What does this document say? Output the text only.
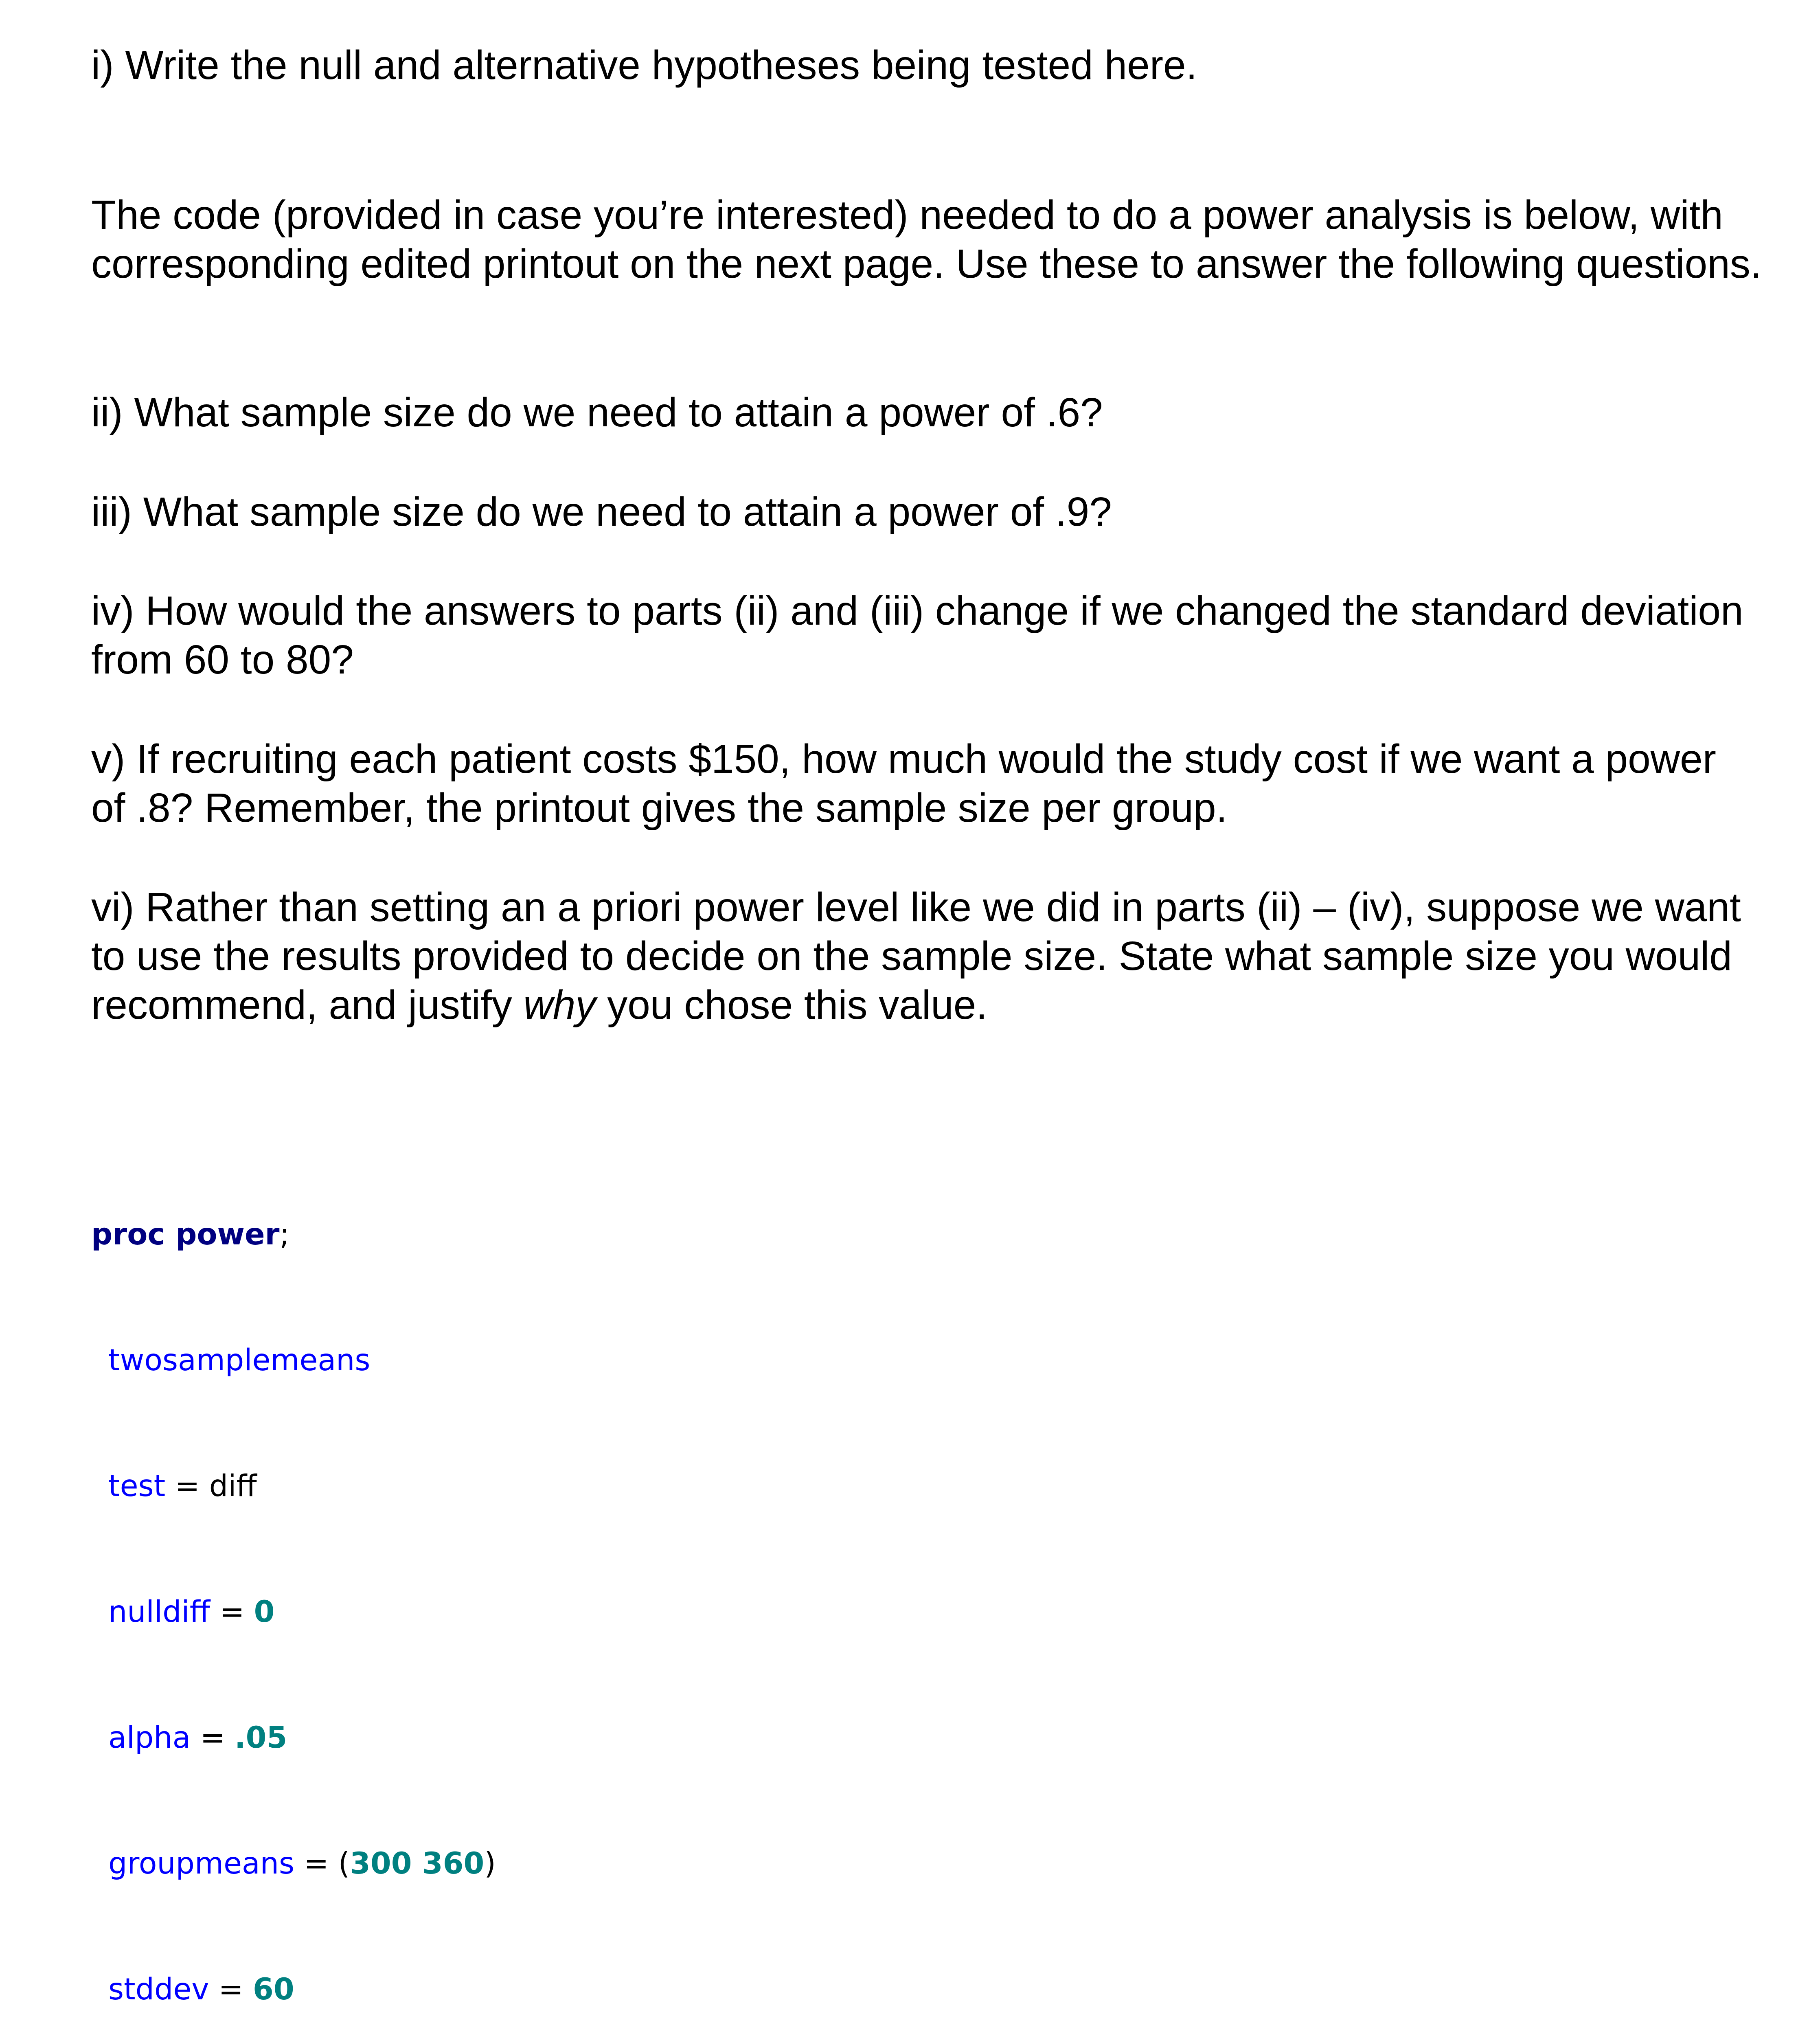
i) Write the null and alternative hypotheses being tested here.

The code (provided in case you’re interested) needed to do a power analysis is below, with
corresponding edited printout on the next page. Use these to answer the following questions.

ii) What sample size do we need to attain a power of .6?

iii) What sample size do we need to attain a power of .9?

iv) How would the answers to parts (ii) and (iii) change if we changed the standard deviation
from 60 to 80?

v) If recruiting each patient costs $150, how much would the study cost if we want a power
of .8? Remember, the printout gives the sample size per group.

vi) Rather than setting an a priori power level like we did in parts (ii) – (iv), suppose we want
to use the results provided to decide on the sample size. State what sample size you would
recommend, and justify why you chose this value.

proc power;

twosamplemeans

test = diff

nulldiff = 0

alpha = .05

groupmeans = (300 360)

stddev = 60
